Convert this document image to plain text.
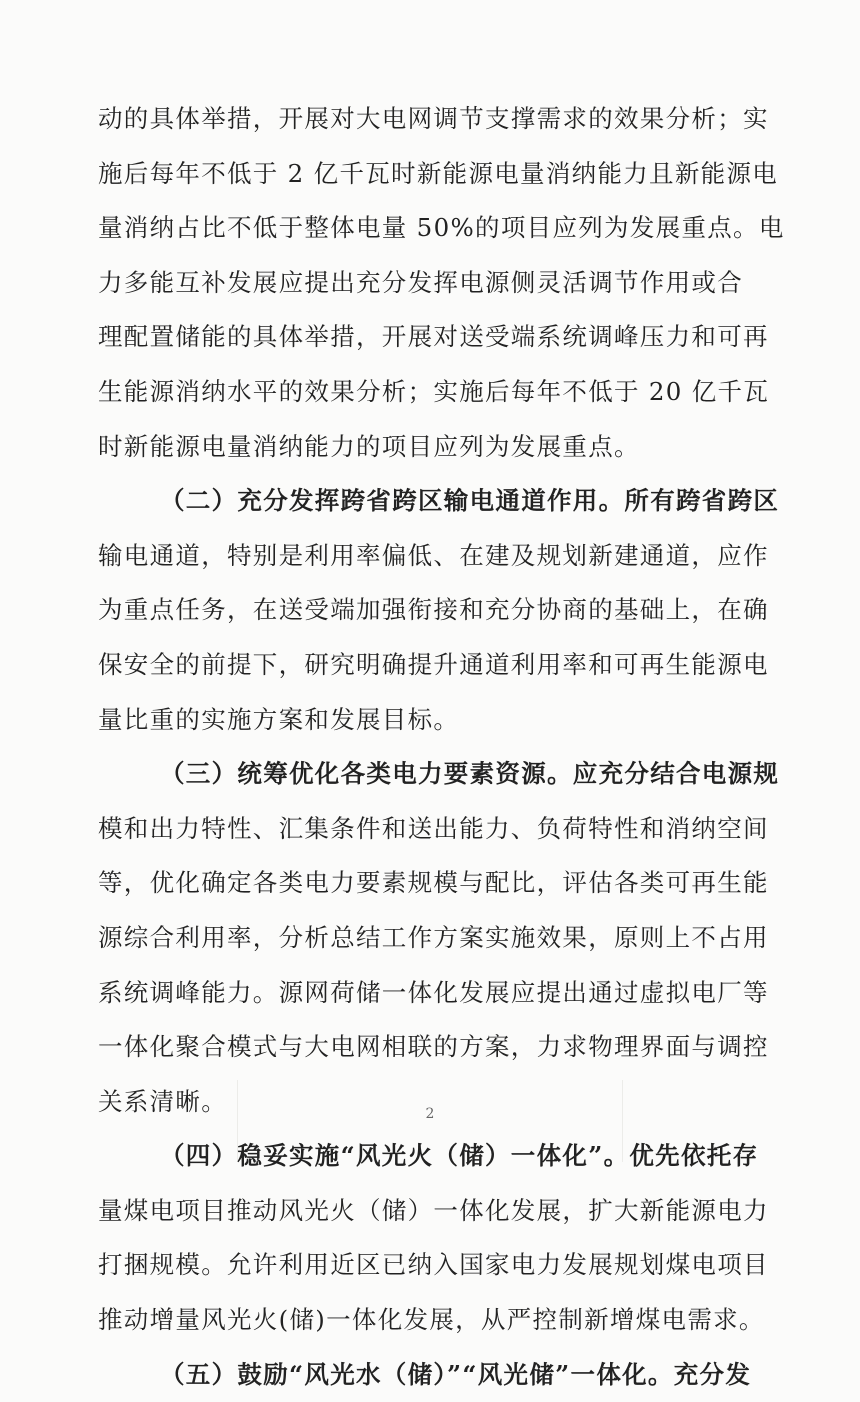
动的具体举措，开展对大电网调节支撑需求的效果分析；实
施后每年不低于 2 亿千瓦时新能源电量消纳能力且新能源电
量消纳占比不低于整体电量 50%的项目应列为发展重点。电
力多能互补发展应提出充分发挥电源侧灵活调节作用或合
理配置储能的具体举措，开展对送受端系统调峰压力和可再
生能源消纳水平的效果分析；实施后每年不低于 20 亿千瓦
时新能源电量消纳能力的项目应列为发展重点。
（二）充分发挥跨省跨区输电通道作用。所有跨省跨区
输电通道，特别是利用率偏低、在建及规划新建通道，应作
为重点任务，在送受端加强衔接和充分协商的基础上，在确
保安全的前提下，研究明确提升通道利用率和可再生能源电
量比重的实施方案和发展目标。
（三）统筹优化各类电力要素资源。应充分结合电源规
模和出力特性、汇集条件和送出能力、负荷特性和消纳空间
等，优化确定各类电力要素规模与配比，评估各类可再生能
源综合利用率，分析总结工作方案实施效果，原则上不占用
系统调峰能力。源网荷储一体化发展应提出通过虚拟电厂等
一体化聚合模式与大电网相联的方案，力求物理界面与调控
关系清晰。
（四）稳妥实施“风光火（储）一体化”。优先依托存
量煤电项目推动风光火（储）一体化发展，扩大新能源电力
打捆规模。允许利用近区已纳入国家电力发展规划煤电项目
推动增量风光火(储)一体化发展，从严控制新增煤电需求。
（五）鼓励“风光水（储）”“风光储”一体化。充分发
2
